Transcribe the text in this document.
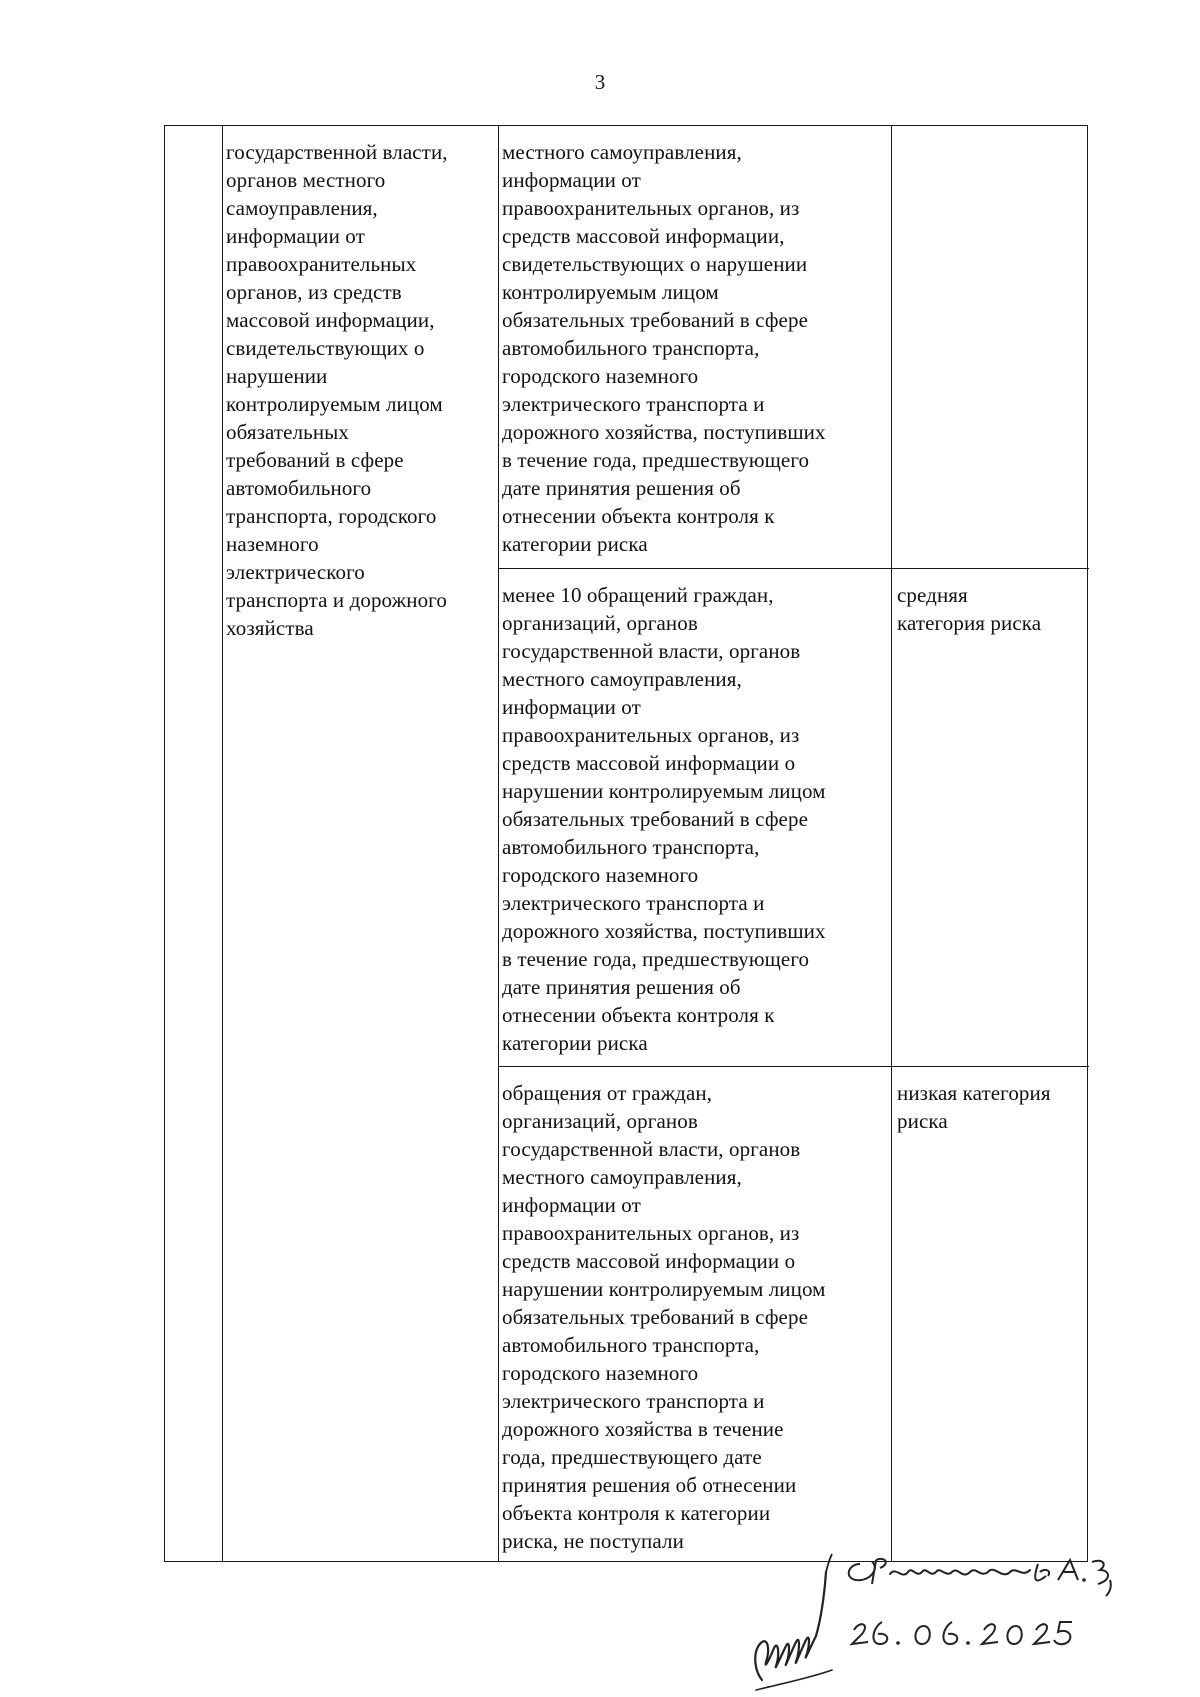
3
государственной власти,
органов местного
самоуправления,
информации от
правоохранительных
органов, из средств
массовой информации,
свидетельствующих о
нарушении
контролируемым лицом
обязательных
требований в сфере
автомобильного
транспорта, городского
наземного
электрического
транспорта и дорожного
хозяйства
местного самоуправления,
информации от
правоохранительных органов, из
средств массовой информации,
свидетельствующих о нарушении
контролируемым лицом
обязательных требований в сфере
автомобильного транспорта,
городского наземного
электрического транспорта и
дорожного хозяйства, поступивших
в течение года, предшествующего
дате принятия решения об
отнесении объекта контроля к
категории риска
менее 10 обращений граждан,
организаций, органов
государственной власти, органов
местного самоуправления,
информации от
правоохранительных органов, из
средств массовой информации о
нарушении контролируемым лицом
обязательных требований в сфере
автомобильного транспорта,
городского наземного
электрического транспорта и
дорожного хозяйства, поступивших
в течение года, предшествующего
дате принятия решения об
отнесении объекта контроля к
категории риска
средняя
категория риска
обращения от граждан,
организаций, органов
государственной власти, органов
местного самоуправления,
информации от
правоохранительных органов, из
средств массовой информации о
нарушении контролируемым лицом
обязательных требований в сфере
автомобильного транспорта,
городского наземного
электрического транспорта и
дорожного хозяйства в течение
года, предшествующего дате
принятия решения об отнесении
объекта контроля к категории
риска, не поступали
низкая категория
риска
